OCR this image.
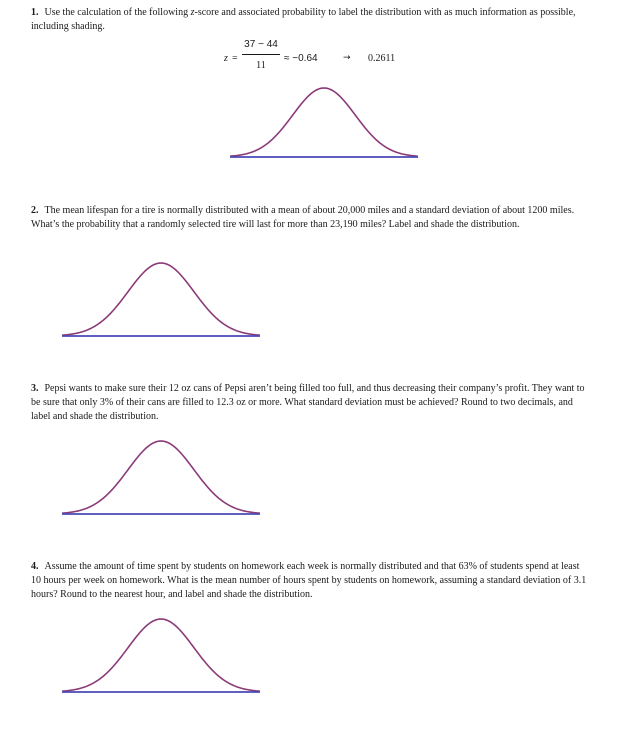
1. Use the calculation of the following z-score and associated probability to label the distribution with as much information as possible, including shading.
z =
37 − 44
11
≈ −0.64	→ 0.2611
2. The mean lifespan for a tire is normally distributed with a mean of about 20,000 miles and a standard deviation of about 1200 miles. What’s the probability that a randomly selected tire will last for more than 23,190 miles? Label and shade the distribution.
3. Pepsi wants to make sure their 12 oz cans of Pepsi aren’t being filled too full, and thus decreasing their company’s profit. They want to be sure that only 3% of their cans are filled to 12.3 oz or more. What standard deviation must be achieved? Round to two decimals, and label and shade the distribution.
4. Assume the amount of time spent by students on homework each week is normally distributed and that 63% of students spend at least 10 hours per week on homework. What is the mean number of hours spent by students on homework, assuming a standard deviation of 3.1 hours? Round to the nearest hour, and label and shade the distribution.
